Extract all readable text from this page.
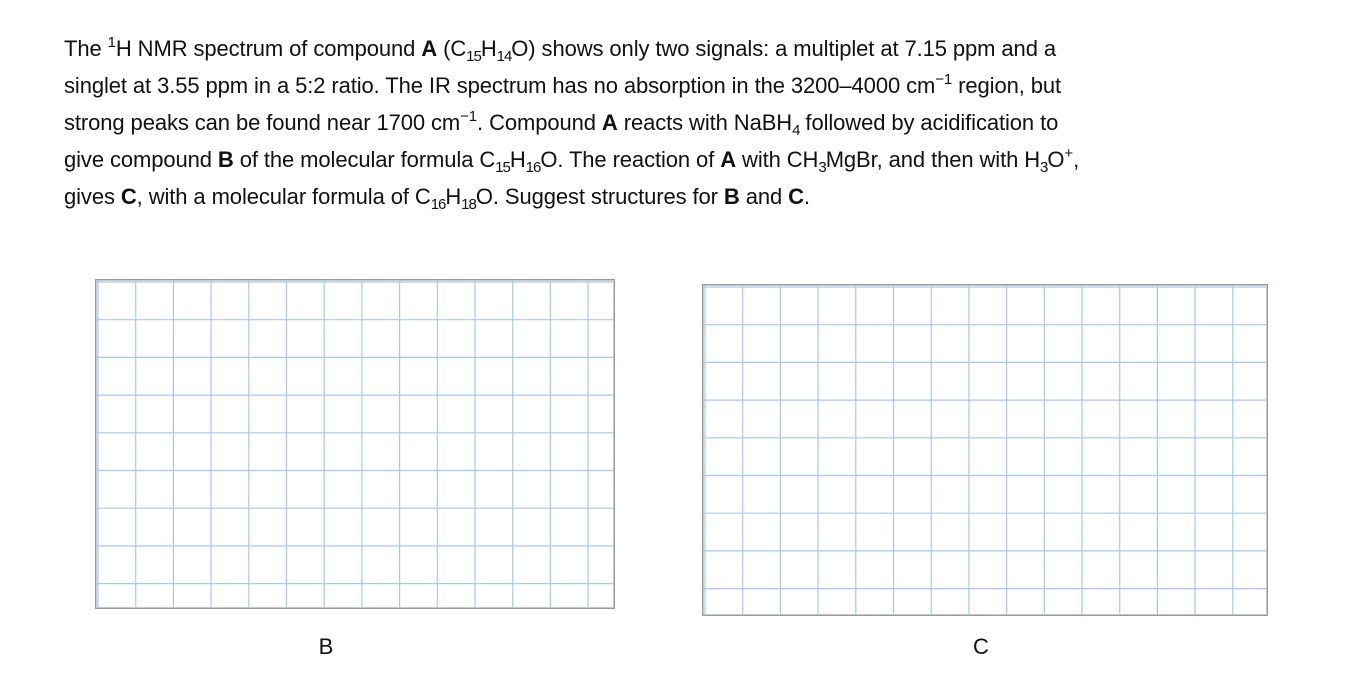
The $^1$H NMR spectrum of compound A $(C_{15}H_{14}O)$ shows only two signals: a multiplet at 7.15 ppm and a
singlet at 3.55 ppm in a 5:2 ratio. The IR spectrum has no absorption in the 3200–4000 $cm^{-1}$ region, but
strong peaks can be found near 1700 $cm^{-1}$. Compound A reacts with NaBH$_4$ followed by acidification to
give compound B of the molecular formula $C_{15}H_{16}O$. The reaction of A with $CH_3MgBr$, and then with $H_3O^+$,
gives C, with a molecular formula of $C_{16}H_{18}O$. Suggest structures for B and C.
B	C
